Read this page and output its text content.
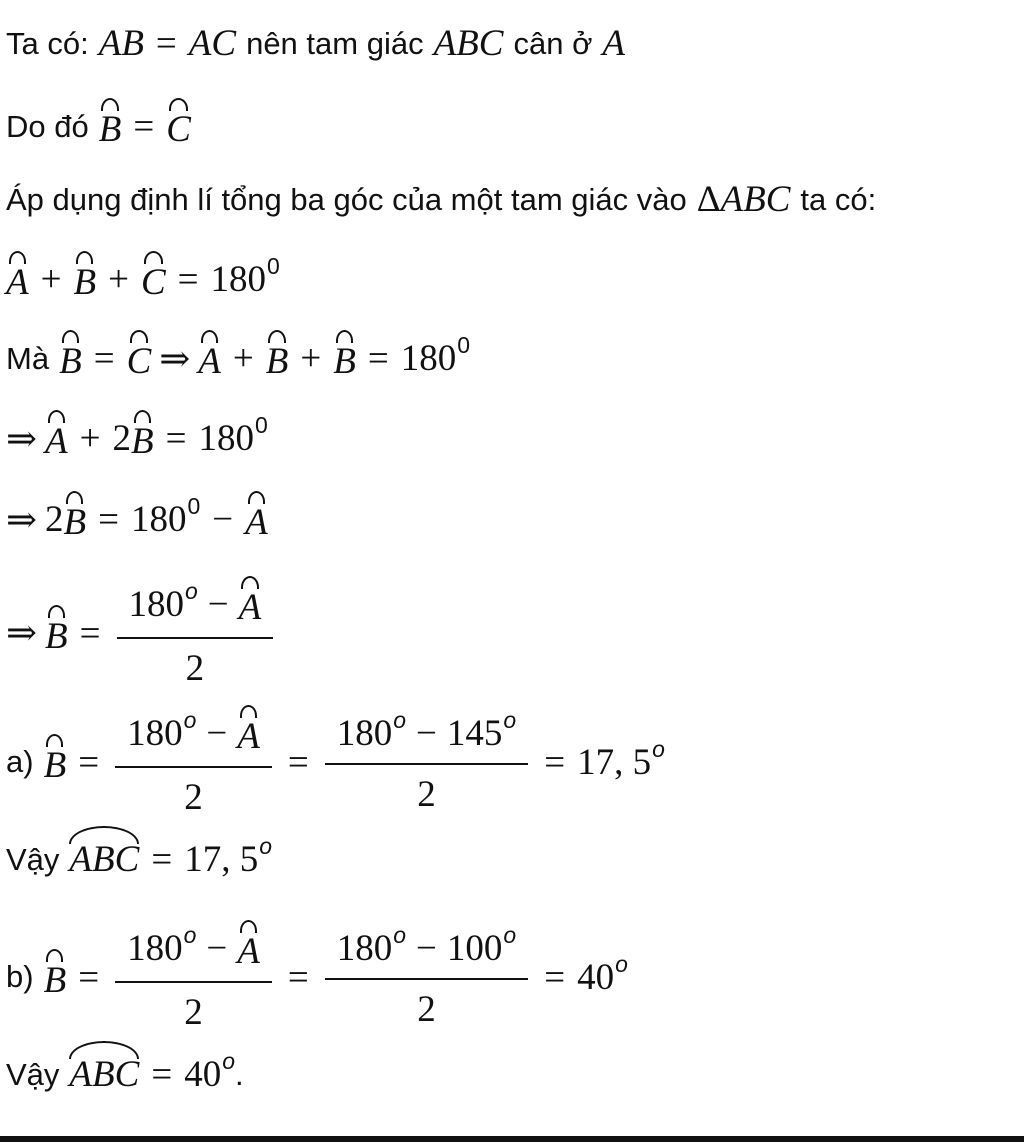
Ta có: AB = AC nên tam giác ABC cân ở A
Do đó B = C
Áp dụng định lí tổng ba góc của một tam giác vào Δ ABC ta có:
$A + B + C = 180^0$
Mà B = C ⇒ $A + B + B = 180^0$
⇒ A + 2 $B = 180^0$
⇒ 2 $B = 180^0 - A$
⇒ $B = \frac{180^o - A}{2}$
a) $B = \frac{180^o - A}{2} = \frac{180^o - 145^o}{2} = 17$, 5$^o$
Vậy ABC = 17, 5$^o$
b) $B = \frac{180^o - A}{2} = \frac{180^o - 100^o}{2} = 40^o$
Vậy ABC = $40^o$ .
